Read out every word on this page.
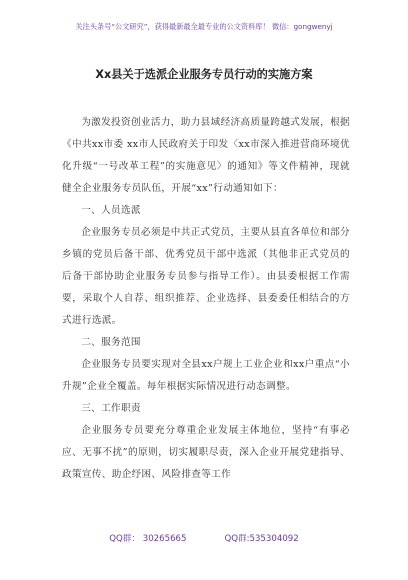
关注头条号“公文研究”，获得最新最全最专业的公文资料库！ 微信：gongwenyj
Xx县关于选派企业服务专员行动的实施方案

为激发投资创业活力，助力县域经济高质量跨越式发展，根据《中共xx市委 xx市人民政府关于印发〈xx市深入推进营商环境优化升级“一号改革工程”的实施意见〉的通知》等文件精神，现就健全企业服务专员队伍，开展“xx”行动通知如下：

一、人员选派

企业服务专员必须是中共正式党员，主要从县直各单位和部分乡镇的党员后备干部、优秀党员干部中选派（其他非正式党员的后备干部协助企业服务专员参与指导工作）。由县委根据工作需要，采取个人自荐、组织推荐、企业选择、县委委任相结合的方式进行选派。

二、服务范围

企业服务专员要实现对全县xx户规上工业企业和xx户重点“小升规”企业全覆盖。每年根据实际情况进行动态调整。

三、工作职责

企业服务专员要充分尊重企业发展主体地位，坚持“有事必应、无事不扰”的原则，切实履职尽责，深入企业开展党建指导、政策宣传、助企纾困、风险排查等工作

QQ群： 30265665	QQ群:535304092
